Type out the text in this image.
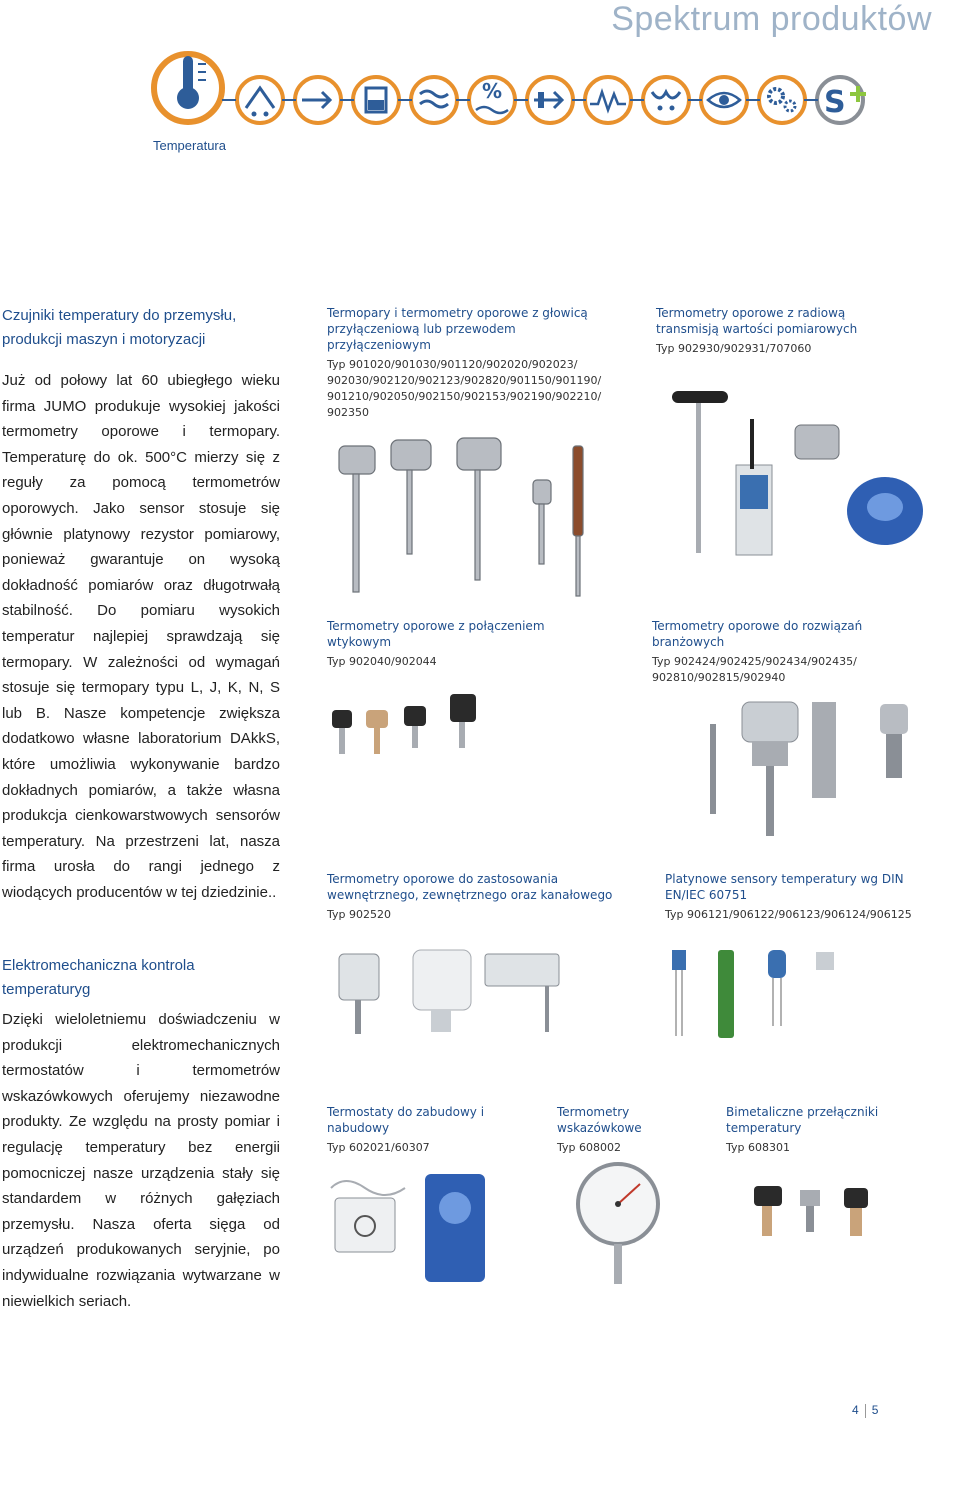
Spektrum produktów
%	S
Temperatura
Czujniki temperatury do przemysłu, produkcji maszyn i motoryzacji
Już od połowy lat 60 ubiegłego wieku firma JUMO produkuje wysokiej jakości termometry oporowe i termopary. Temperaturę do ok. 500°C mierzy się z reguły za pomocą termometrów oporowych. Jako sensor stosuje się głównie platynowy rezystor pomiarowy, ponieważ gwarantuje on wysoką dokładność pomiarów oraz długotrwałą stabilność. Do pomiaru wysokich temperatur najlepiej sprawdzają się termopary. W zależności od wymagań stosuje się termopary typu L, J, K, N, S lub B. Nasze kompetencje zwiększa dodatkowo własne laboratorium DAkkS, które umożliwia wykonywanie bardzo dokładnych pomiarów, a także własna produkcja cienkowarstwowych sensorów temperatury. Na przestrzeni lat, nasza firma urosła do rangi jednego z wiodących producentów w tej dziedzinie..
Elektromechaniczna kontrola temperaturyg
Dzięki wieloletniemu doświadczeniu w produkcji elektromechanicznych termostatów i termometrów wskazówkowych oferujemy niezawodne produkty. Ze względu na prosty pomiar i regulację temperatury bez energii pomocniczej nasze urządzenia stały się standardem w różnych gałęziach przemysłu. Nasza oferta sięga od urządzeń produkowanych seryjnie, po indywidualne rozwiązania wytwarzane w niewielkich seriach.
Termopary i termometry oporowe z głowicą przyłączeniową lub przewodem przyłączeniowym
Typ 901020/901030/901120/902020/902023/ 902030/902120/902123/902820/901150/901190/ 901210/902050/902150/902153/902190/902210/ 902350
Termometry oporowe z radiową transmisją wartości pomiarowych
Typ 902930/902931/707060
Termometry oporowe z połączeniem wtykowym
Typ 902040/902044
Termometry oporowe do rozwiązań branżowych
Typ 902424/902425/902434/902435/ 902810/902815/902940
Termometry oporowe do zastosowania wewnętrznego, zewnętrznego oraz kanałowego
Typ 902520
Platynowe sensory temperatury wg DIN EN/IEC 60751
Typ 906121/906122/906123/906124/906125
Termostaty do zabudowy i nabudowy
Typ 602021/60307
Termometry wskazówkowe
Typ 608002
Bimetaliczne przełączniki temperatury
Typ 608301
4 5
